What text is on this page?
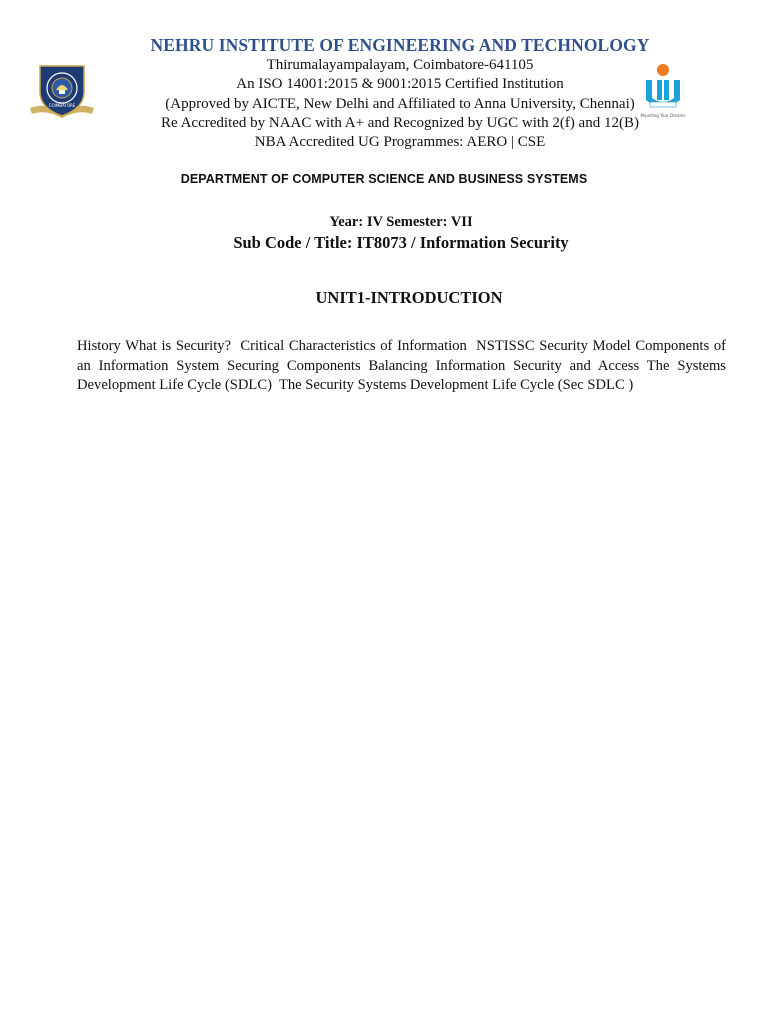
COIMBATORE
Moulding Your Dreams
NEHRU INSTITUTE OF ENGINEERING AND TECHNOLOGY
Thirumalayampalayam, Coimbatore-641105
An ISO 14001:2015 & 9001:2015 Certified Institution
(Approved by AICTE, New Delhi and Affiliated to Anna University, Chennai)
Re Accredited by NAAC with A+ and Recognized by UGC with 2(f) and 12(B)
NBA Accredited UG Programmes: AERO | CSE
DEPARTMENT OF COMPUTER SCIENCE AND BUSINESS SYSTEMS
Year: IV Semester: VII
Sub Code / Title: IT8073 / Information Security
UNIT1-INTRODUCTION
History What is Security?  Critical Characteristics of Information  NSTISSC Security Model Components of an Information System Securing Components Balancing Information Security and Access The Systems Development Life Cycle (SDLC)  The Security Systems Development Life Cycle (Sec SDLC )
